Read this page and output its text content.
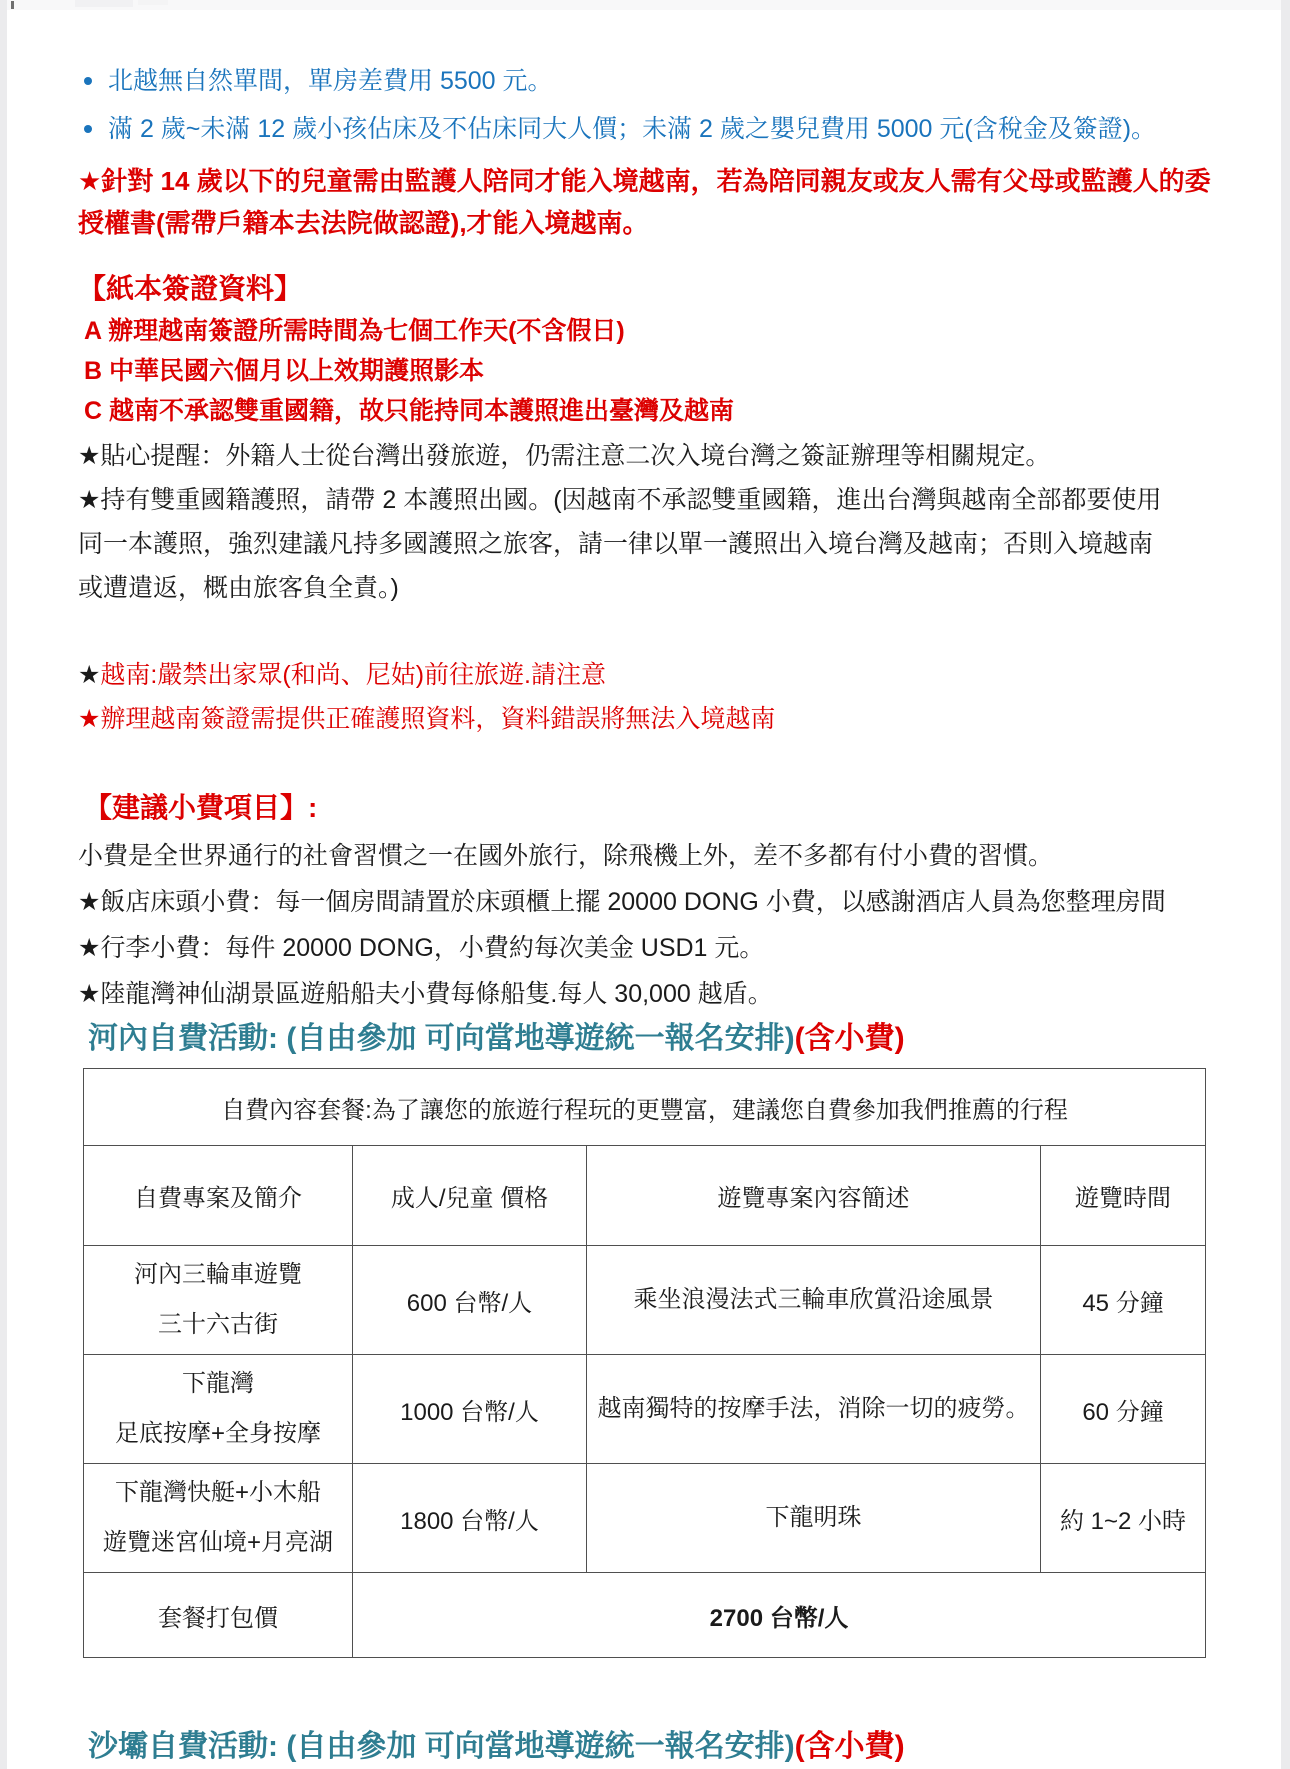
北越無自然單間，單房差費用 5500 元。
滿 2 歲~未滿 12 歲小孩佔床及不佔床同大人價；未滿 2 歲之嬰兒費用 5000 元(含稅金及簽證)。
★針對 14 歲以下的兒童需由監護人陪同才能入境越南，若為陪同親友或友人需有父母或監護人的委
授權書(需帶戶籍本去法院做認證),才能入境越南。
【紙本簽證資料】
A 辦理越南簽證所需時間為七個工作天(不含假日)
B 中華民國六個月以上效期護照影本
C 越南不承認雙重國籍，故只能持同本護照進出臺灣及越南
★貼心提醒：外籍人士從台灣出發旅遊，仍需注意二次入境台灣之簽証辦理等相關規定。
★持有雙重國籍護照，請帶 2 本護照出國。(因越南不承認雙重國籍，進出台灣與越南全部都要使用
同一本護照，強烈建議凡持多國護照之旅客，請一律以單一護照出入境台灣及越南；否則入境越南
或遭遣返，概由旅客負全責。)
★越南:嚴禁出家眾(和尚、尼姑)前往旅遊.請注意
★辦理越南簽證需提供正確護照資料，資料錯誤將無法入境越南
【建議小費項目】:
小費是全世界通行的社會習慣之一在國外旅行，除飛機上外，差不多都有付小費的習慣。
★飯店床頭小費：每一個房間請置於床頭櫃上擺 20000 DONG 小費，以感謝酒店人員為您整理房間
★行李小費：每件 20000 DONG，小費約每次美金 USD1 元。
★陸龍灣神仙湖景區遊船船夫小費每條船隻.每人 30,000 越盾。
河內自費活動: (自由參加 可向當地導遊統一報名安排)(含小費)
自費內容套餐:為了讓您的旅遊行程玩的更豐富，建議您自費參加我們推薦的行程			
自費專案及簡介	成人/兒童 價格	遊覽專案內容簡述	遊覽時間

河內三輪車遊覽
三十六古街	600 台幣/人	乘坐浪漫法式三輪車欣賞沿途風景	45 分鐘

下龍灣
足底按摩+全身按摩	1000 台幣/人	越南獨特的按摩手法，消除一切的疲勞。	60 分鐘

下龍灣快艇+小木船
遊覽迷宮仙境+月亮湖	1800 台幣/人	下龍明珠	約 1~2 小時
套餐打包價	2700 台幣/人		
沙壩自費活動: (自由參加 可向當地導遊統一報名安排)(含小費)
